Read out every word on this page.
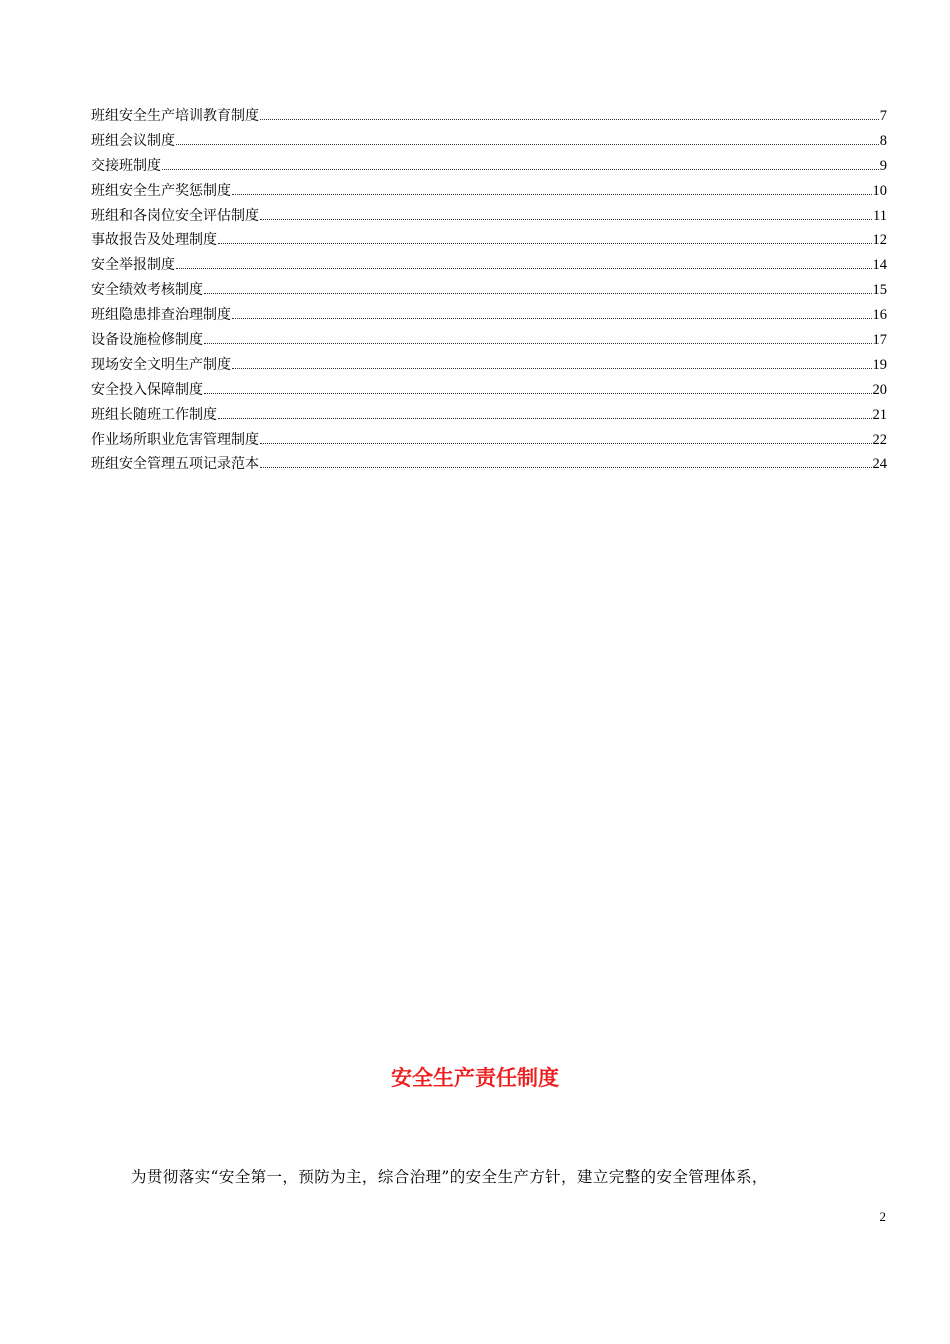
班组安全生产培训教育制度	7
班组会议制度	8
交接班制度	9
班组安全生产奖惩制度	10
班组和各岗位安全评估制度	11
事故报告及处理制度	12
安全举报制度	14
安全绩效考核制度	15
班组隐患排查治理制度	16
设备设施检修制度	17
现场安全文明生产制度	19
安全投入保障制度	20
班组长随班工作制度	21
作业场所职业危害管理制度	22
班组安全管理五项记录范本	24
安全生产责任制度
为贯彻落实“安全第一，预防为主，综合治理”的安全生产方针，建立完整的安全管理体系，
2
